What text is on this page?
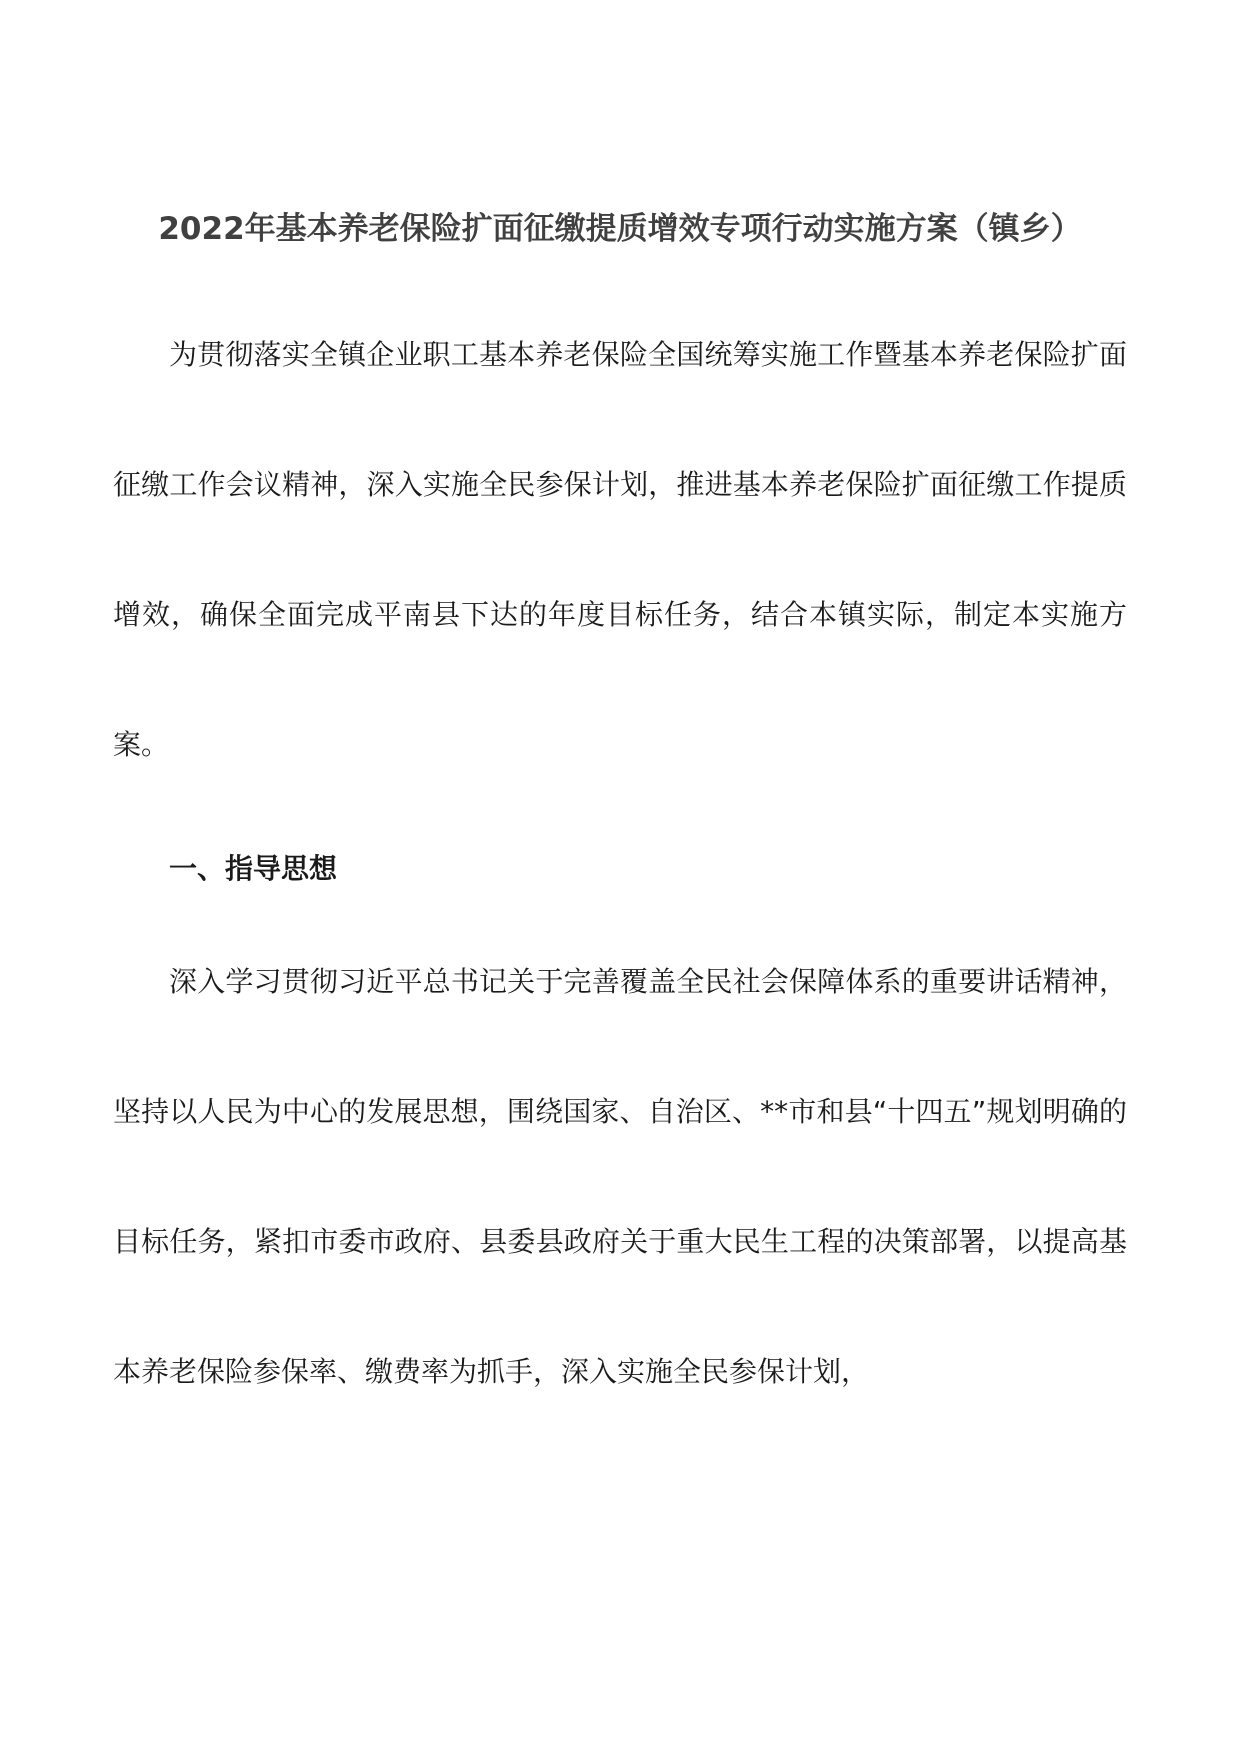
2022年基本养老保险扩面征缴提质增效专项行动实施方案（镇乡）

为贯彻落实全镇企业职工基本养老保险全国统筹实施工作暨基本养老保险扩面征缴工作会议精神，深入实施全民参保计划，推进基本养老保险扩面征缴工作提质增效，确保全面完成平南县下达的年度目标任务，结合本镇实际，制定本实施方案。

一、指导思想

深入学习贯彻习近平总书记关于完善覆盖全民社会保障体系的重要讲话精神，坚持以人民为中心的发展思想，围绕国家、自治区、**市和县“十四五”规划明确的目标任务，紧扣市委市政府、县委县政府关于重大民生工程的决策部署，以提高基本养老保险参保率、缴费率为抓手，深入实施全民参保计划，
